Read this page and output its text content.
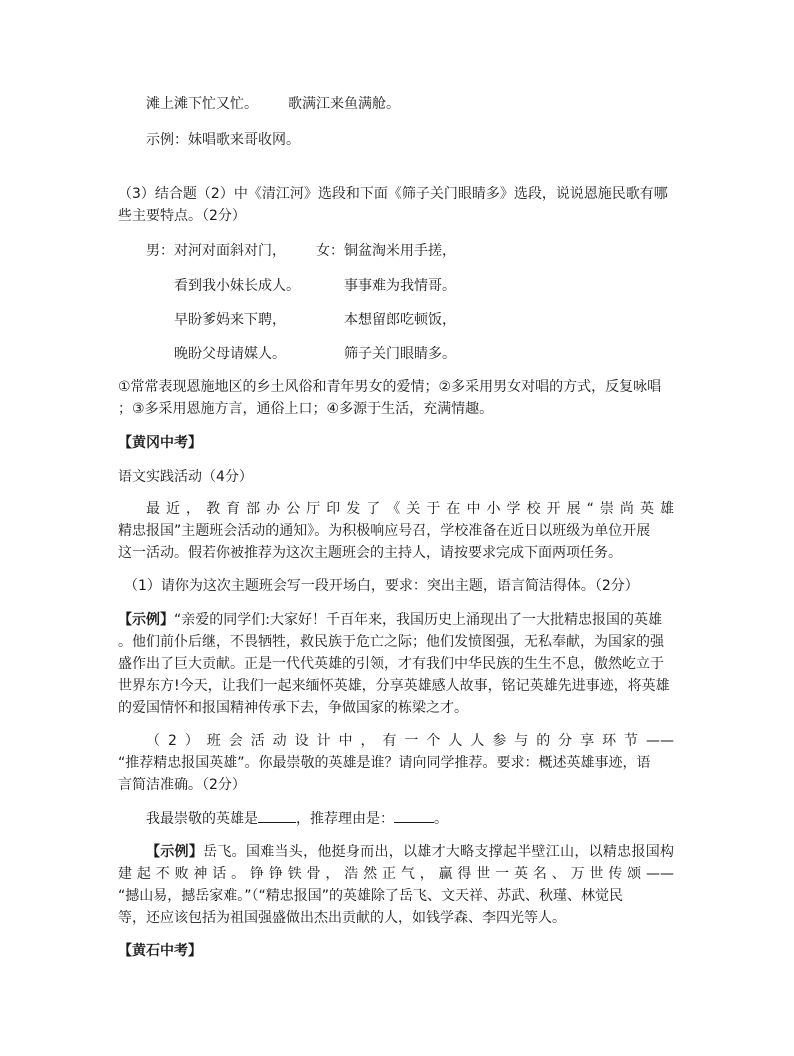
滩上滩下忙又忙。 歌满江来鱼满舱。
示例：妹唱歌来哥收网。
（3）结合题（2）中《清江河》选段和下面《筛子关门眼睛多》选段，说说恩施民歌有哪
些主要特点。（2分）
男：对河对面斜对门， 女：铜盆淘米用手搓，
看到我小妹长成人。	事事难为我情哥。
早盼爹妈来下聘，	本想留郎吃顿饭，
晚盼父母请媒人。	筛子关门眼睛多。
①常常表现恩施地区的乡土风俗和青年男女的爱情；②多采用男女对唱的方式，反复咏唱
；③多采用恩施方言，通俗上口；④多源于生活，充满情趣。
【黄冈中考】
语文实践活动（4分）
最近，教育部办公厅印发了《关于在中小学校开展“崇尚英雄
精忠报国”主题班会活动的通知》。为积极响应号召，学校准备在近日以班级为单位开展
这一活动。假若你被推荐为这次主题班会的主持人，请按要求完成下面两项任务。
（1）请你为这次主题班会写一段开场白，要求：突出主题，语言简洁得体。（2分）
【示例】“亲爱的同学们:大家好！千百年来，我国历史上涌现出了一大批精忠报国的英雄
。他们前仆后继，不畏牺牲，救民族于危亡之际；他们发愤图强，无私奉献，为国家的强
盛作出了巨大贡献。正是一代代英雄的引领，才有我们中华民族的生生不息，傲然屹立于
世界东方!今天，让我们一起来缅怀英雄，分享英雄感人故事，铭记英雄先进事迹，将英雄
的爱国情怀和报国精神传承下去，争做国家的栋梁之才。
（2）班会活动设计中，有一个人人参与的分享环节——
“推荐精忠报国英雄”。你最崇敬的英雄是谁？请向同学推荐。要求：概述英雄事迹，语
言简洁准确。（2分）
我最崇敬的英雄是	，推荐理由是：	。
【示例】岳飞。国难当头，他挺身而出，以雄才大略支撑起半壁江山，以精忠报国构
建起不败神话。铮铮铁骨，浩然正气，赢得世一英名、万世传颂——
“撼山易，撼岳家难。”（“精忠报国”的英雄除了岳飞、文天祥、苏武、秋瑾、林觉民
等，还应该包括为祖国强盛做出杰出贡献的人，如钱学森、李四光等人。
【黄石中考】
